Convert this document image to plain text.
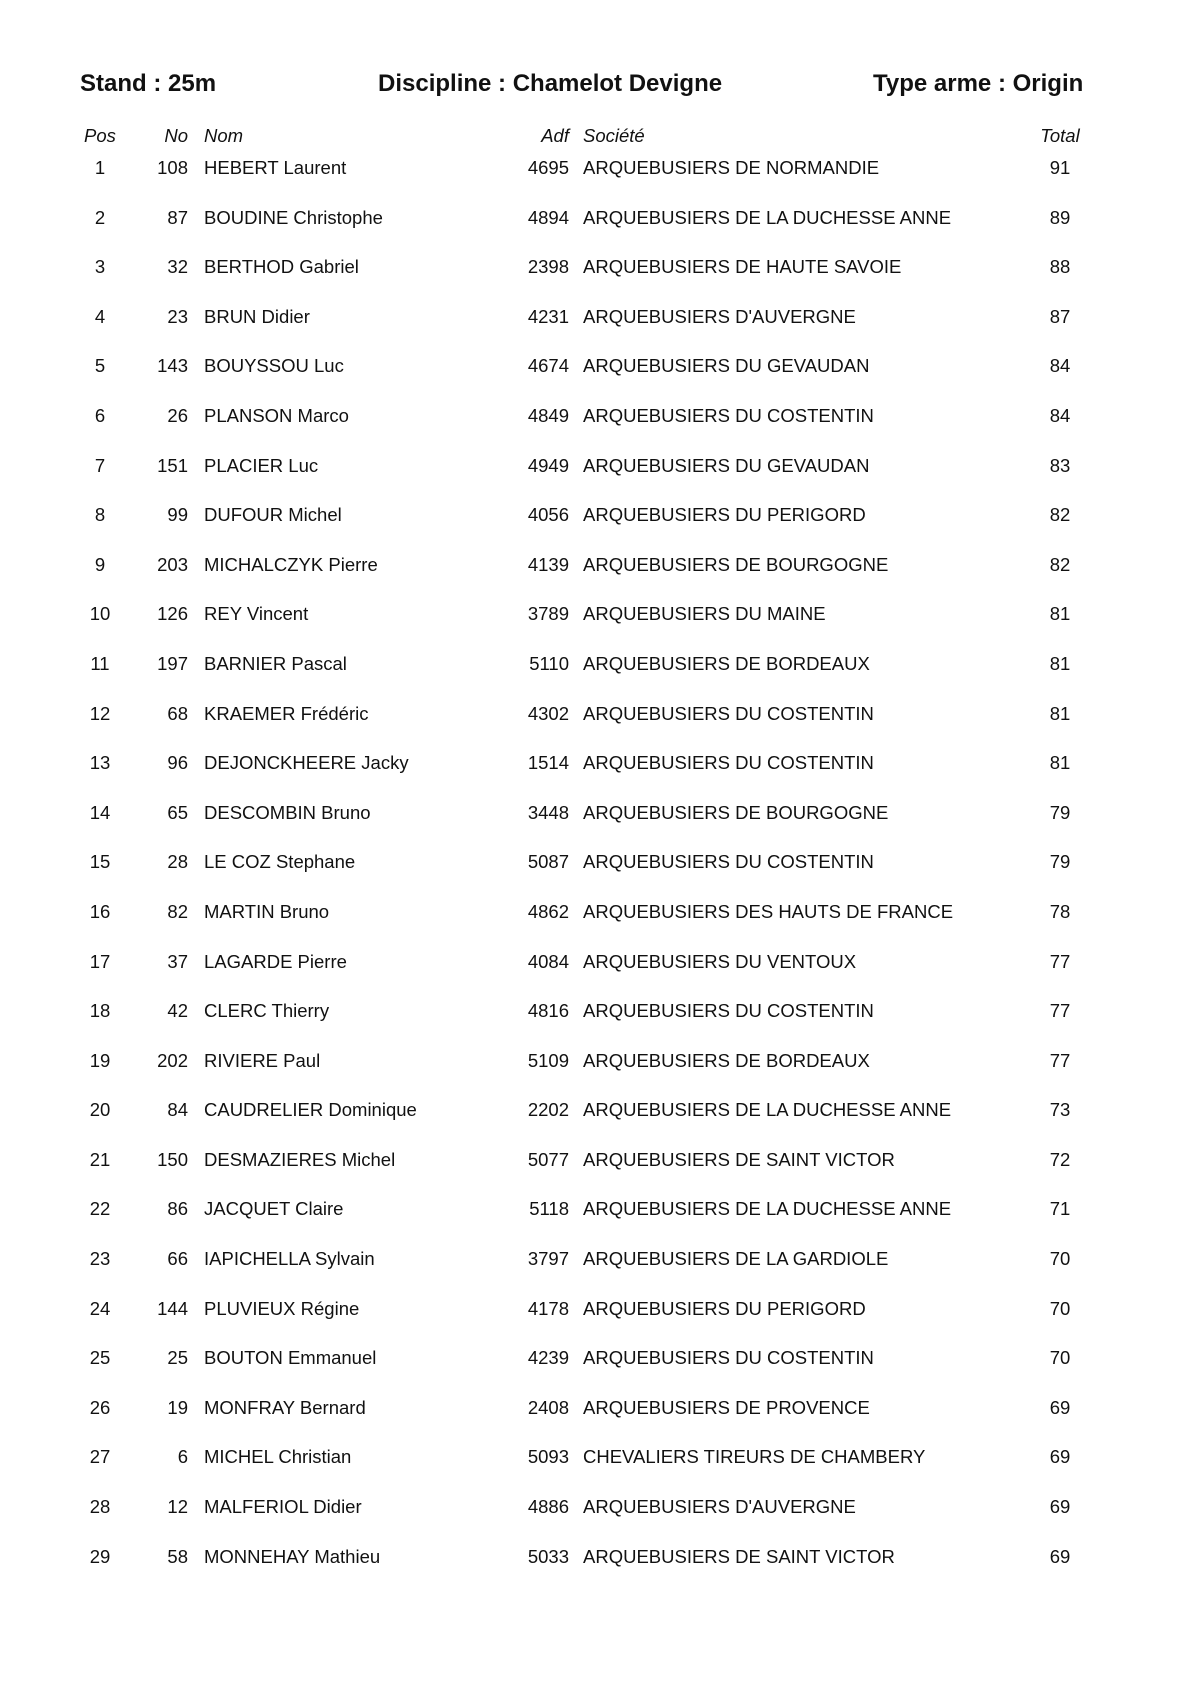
Stand : 25m	Discipline : Chamelot Devigne	Type arme : Origin
Pos	No Nom	Adf Société	Total
1	108 HEBERT Laurent	4695 ARQUEBUSIERS DE NORMANDIE	91
2	87 BOUDINE Christophe	4894 ARQUEBUSIERS DE LA DUCHESSE ANNE	89
3	32 BERTHOD Gabriel	2398 ARQUEBUSIERS DE HAUTE SAVOIE	88
4	23 BRUN Didier	4231 ARQUEBUSIERS D'AUVERGNE	87
5	143 BOUYSSOU Luc	4674 ARQUEBUSIERS DU GEVAUDAN	84
6	26 PLANSON Marco	4849 ARQUEBUSIERS DU COSTENTIN	84
7	151 PLACIER Luc	4949 ARQUEBUSIERS DU GEVAUDAN	83
8	99 DUFOUR Michel	4056 ARQUEBUSIERS DU PERIGORD	82
9	203 MICHALCZYK Pierre	4139 ARQUEBUSIERS DE BOURGOGNE	82
10	126 REY Vincent	3789 ARQUEBUSIERS DU MAINE	81
11	197 BARNIER Pascal	5110 ARQUEBUSIERS DE BORDEAUX	81
12	68 KRAEMER Frédéric	4302 ARQUEBUSIERS DU COSTENTIN	81
13	96 DEJONCKHEERE Jacky	1514 ARQUEBUSIERS DU COSTENTIN	81
14	65 DESCOMBIN Bruno	3448 ARQUEBUSIERS DE BOURGOGNE	79
15	28 LE COZ Stephane	5087 ARQUEBUSIERS DU COSTENTIN	79
16	82 MARTIN Bruno	4862 ARQUEBUSIERS DES HAUTS DE FRANCE	78
17	37 LAGARDE Pierre	4084 ARQUEBUSIERS DU VENTOUX	77
18	42 CLERC Thierry	4816 ARQUEBUSIERS DU COSTENTIN	77
19	202 RIVIERE Paul	5109 ARQUEBUSIERS DE BORDEAUX	77
20	84 CAUDRELIER Dominique	2202 ARQUEBUSIERS DE LA DUCHESSE ANNE	73
21	150 DESMAZIERES Michel	5077 ARQUEBUSIERS DE SAINT VICTOR	72
22	86 JACQUET Claire	5118 ARQUEBUSIERS DE LA DUCHESSE ANNE	71
23	66 IAPICHELLA Sylvain	3797 ARQUEBUSIERS DE LA GARDIOLE	70
24	144 PLUVIEUX Régine	4178 ARQUEBUSIERS DU PERIGORD	70
25	25 BOUTON Emmanuel	4239 ARQUEBUSIERS DU COSTENTIN	70
26	19 MONFRAY Bernard	2408 ARQUEBUSIERS DE PROVENCE	69
27	6 MICHEL Christian	5093 CHEVALIERS TIREURS DE CHAMBERY	69
28	12 MALFERIOL Didier	4886 ARQUEBUSIERS D'AUVERGNE	69
29	58 MONNEHAY Mathieu	5033 ARQUEBUSIERS DE SAINT VICTOR	69
